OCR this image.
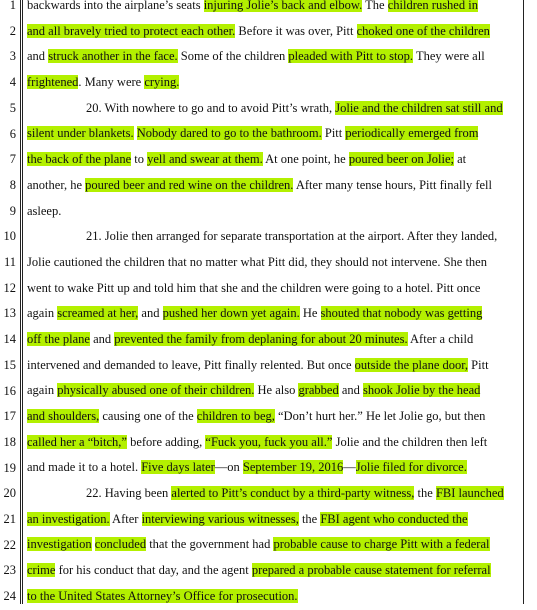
1
2
3
4
5
6
7
8
9
10
11
12
13
14
15
16
17
18
19
20
21
22
23
24
backwards into the airplane’s seats injuring Jolie’s back and elbow. The children rushed in
and all bravely tried to protect each other. Before it was over, Pitt choked one of the children
and struck another in the face. Some of the children pleaded with Pitt to stop. They were all
frightened. Many were crying.
20. With nowhere to go and to avoid Pitt’s wrath, Jolie and the children sat still and
silent under blankets. Nobody dared to go to the bathroom. Pitt periodically emerged from
the back of the plane to yell and swear at them. At one point, he poured beer on Jolie; at
another, he poured beer and red wine on the children. After many tense hours, Pitt finally fell
asleep.
21. Jolie then arranged for separate transportation at the airport. After they landed,
Jolie cautioned the children that no matter what Pitt did, they should not intervene. She then
went to wake Pitt up and told him that she and the children were going to a hotel. Pitt once
again screamed at her, and pushed her down yet again. He shouted that nobody was getting
off the plane and prevented the family from deplaning for about 20 minutes. After a child
intervened and demanded to leave, Pitt finally relented. But once outside the plane door, Pitt
again physically abused one of their children. He also grabbed and shook Jolie by the head
and shoulders, causing one of the children to beg, “Don’t hurt her.” He let Jolie go, but then
called her a “bitch,” before adding, “Fuck you, fuck you all.” Jolie and the children then left
and made it to a hotel. Five days later—on September 19, 2016—Jolie filed for divorce.
22. Having been alerted to Pitt’s conduct by a third-party witness, the FBI launched
an investigation. After interviewing various witnesses, the FBI agent who conducted the
investigation concluded that the government had probable cause to charge Pitt with a federal
crime for his conduct that day, and the agent prepared a probable cause statement for referral
to the United States Attorney’s Office for prosecution.
